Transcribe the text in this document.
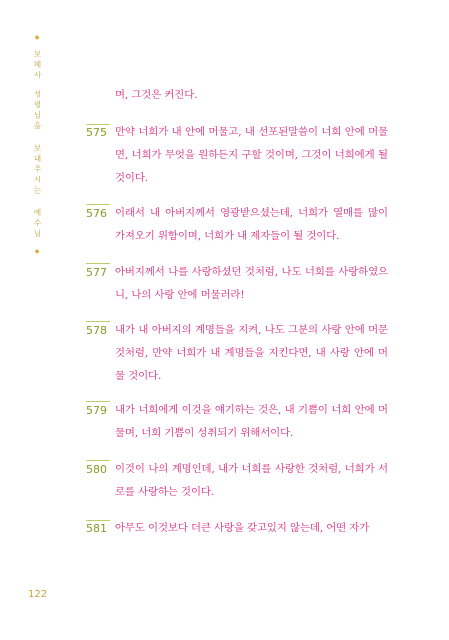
◆
보혜사
성령님을 보내주시는 예수님
◆
며, 그것은 커진다.
575 만약 너희가 내 안에 머물고, 내 선포된말씀이 너희 안에 머물면, 너희가 무엇을 원하든지 구할 것이며, 그것이 너희에게 될 것이다.
576 이래서 내 아버지께서 영광받으셨는데, 너희가 열매를 많이 가져오기 위함이며, 너희가 내 제자들이 될 것이다.
577 아버지께서 나를 사랑하셨던 것처럼, 나도 너희를 사랑하였으니, 나의 사랑 안에 머물러라!
578 내가 내 아버지의 계명들을 지켜, 나도 그분의 사랑 안에 머문 것처럼, 만약 너희가 내 계명들을 지킨다면, 내 사랑 안에 머물 것이다.
579 내가 너희에게 이것을 얘기하는 것은, 내 기쁨이 너희 안에 머물며, 너희 기쁨이 성취되기 위해서이다.
580 이것이 나의 계명인데, 내가 너희를 사랑한 것처럼, 너희가 서로를 사랑하는 것이다.
581 아무도 이것보다 더큰 사랑을 갖고있지 않는데, 어떤 자가
122
